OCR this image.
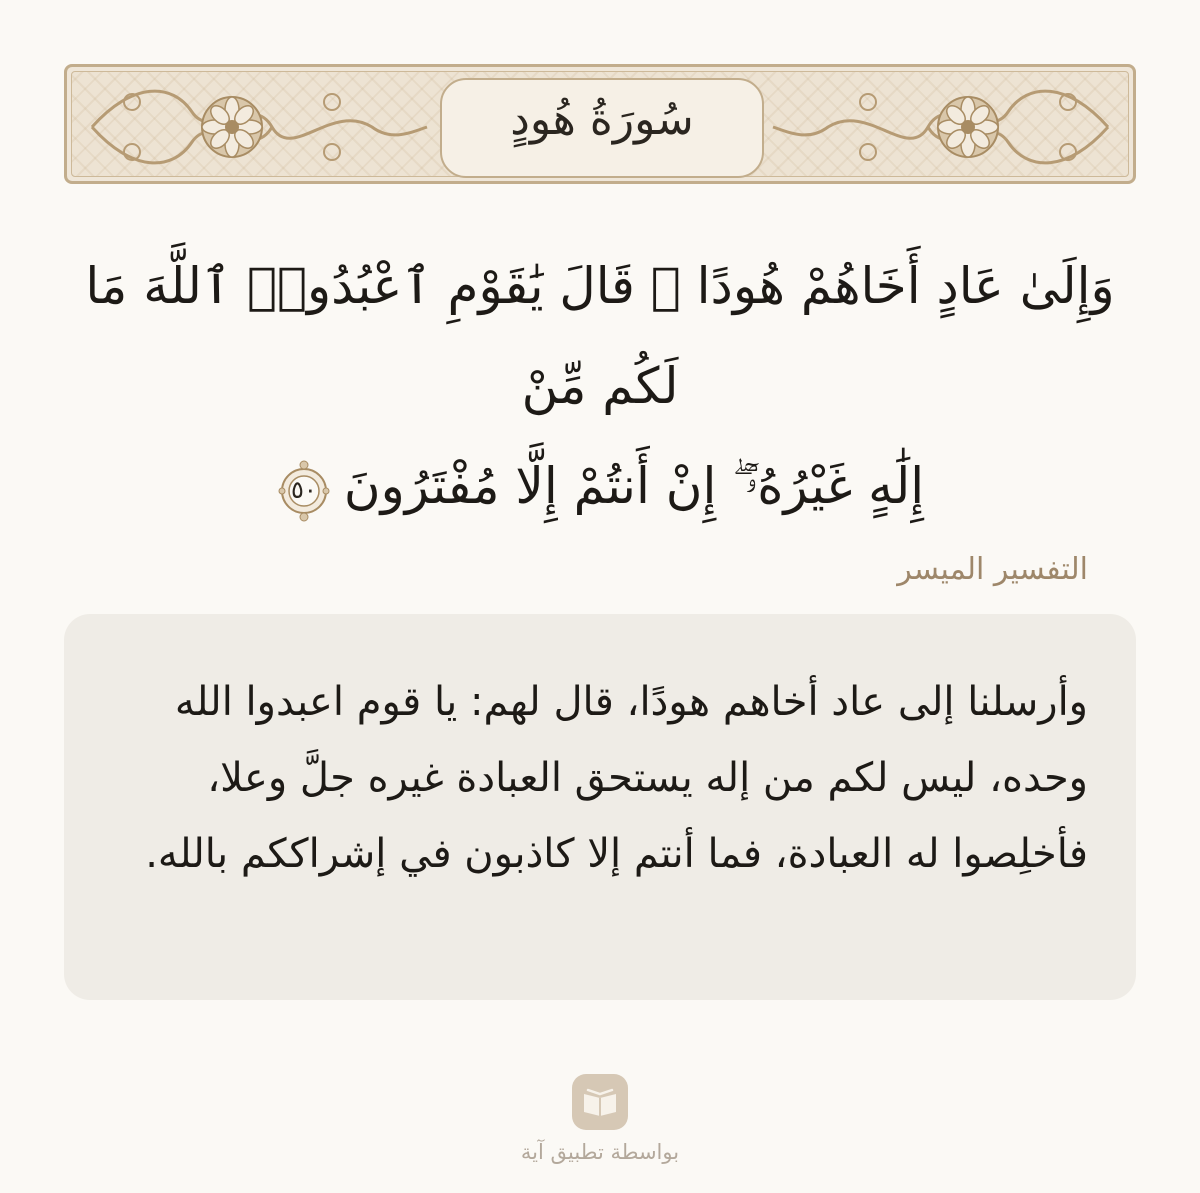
سُورَةُ هُودٍ
وَإِلَىٰ عَادٍ أَخَاهُمْ هُودًا ۚ قَالَ يَٰقَوْمِ ٱعْبُدُوا۟ ٱللَّهَ مَا لَكُم مِّنْ
إِلَٰهٍ غَيْرُهُۥٓ ۖ إِنْ أَنتُمْ إِلَّا مُفْتَرُونَ
٥٠
التفسير الميسر
وأرسلنا إلى عاد أخاهم هودًا، قال لهم: يا قوم اعبدوا الله وحده، ليس لكم من إله يستحق العبادة غيره جلَّ وعلا، فأخلِصوا له العبادة، فما أنتم إلا كاذبون في إشراككم بالله.
بواسطة تطبيق آية
